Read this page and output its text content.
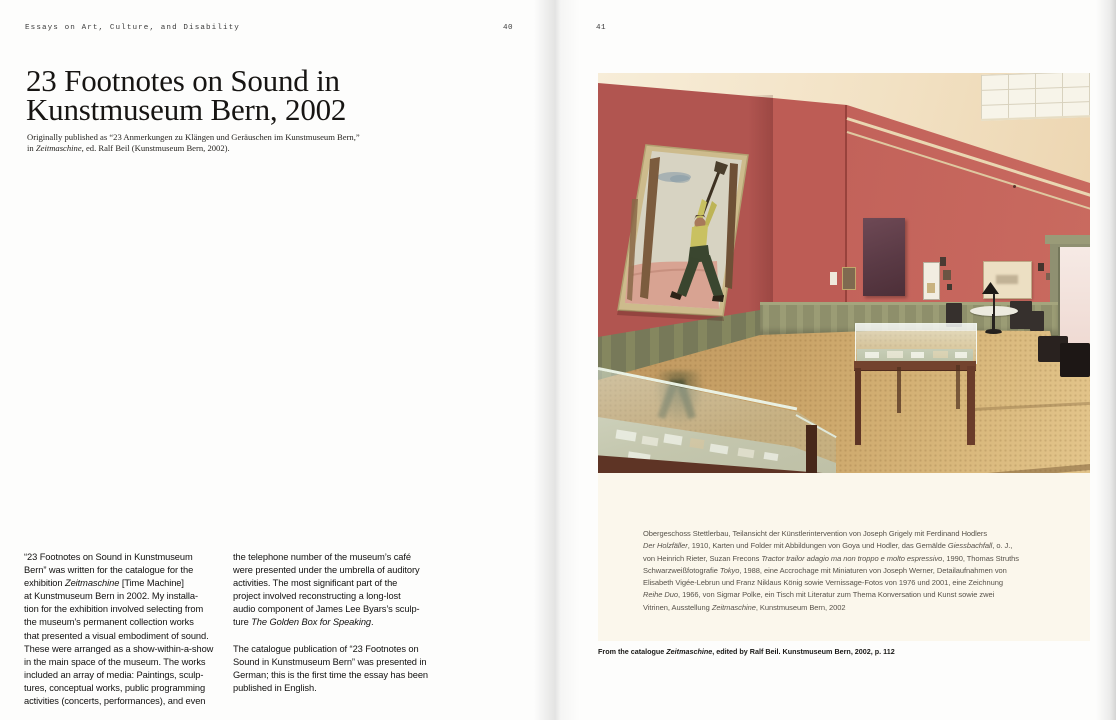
Essays on Art, Culture, and Disability	40	41
23 Footnotes on Sound in
Kunstmuseum Bern, 2002
Originally published as “23 Anmerkungen zu Klängen und Geräuschen im Kunstmuseum Bern,”
in Zeitmaschine, ed. Ralf Beil (Kunstmuseum Bern, 2002).
“23 Footnotes on Sound in Kunstmuseum
Bern” was written for the catalogue for the
exhibition Zeitmaschine [Time Machine]
at Kunstmuseum Bern in 2002. My installa-
tion for the exhibition involved selecting from
the museum’s permanent collection works
that presented a visual embodiment of sound.
These were arranged as a show-within-a-show
in the main space of the museum. The works
included an array of media: Paintings, sculp-
tures, conceptual works, public programming
activities (concerts, performances), and even
the telephone number of the museum’s café
were presented under the umbrella of auditory
activities. The most significant part of the
project involved reconstructing a long-lost
audio component of James Lee Byars’s sculp-
ture The Golden Box for Speaking.

The catalogue publication of “23 Footnotes on
Sound in Kunstmuseum Bern” was presented in
German; this is the first time the essay has been
published in English.
Obergeschoss Stettlerbau, Teilansicht der Künstlerintervention von Joseph Grigely mit Ferdinand Hodlers
Der Holzfäller, 1910, Karten und Folder mit Abbildungen von Goya und Hodler, das Gemälde Giessbachfall, o. J.,
von Heinrich Rieter, Suzan Frecons Tractor trailor adagio ma non troppo e molto espressivo, 1990, Thomas Struths
Schwarzweißfotografie Tokyo, 1988, eine Accrochage mit Miniaturen von Joseph Werner, Detailaufnahmen von
Elisabeth Vigée-Lebrun und Franz Niklaus König sowie Vernissage-Fotos von 1976 und 2001, eine Zeichnung
Reihe Duo, 1966, von Sigmar Polke, ein Tisch mit Literatur zum Thema Konversation und Kunst sowie zwei
Vitrinen, Ausstellung Zeitmaschine, Kunstmuseum Bern, 2002
From the catalogue Zeitmaschine, edited by Ralf Beil. Kunstmuseum Bern, 2002, p. 112
